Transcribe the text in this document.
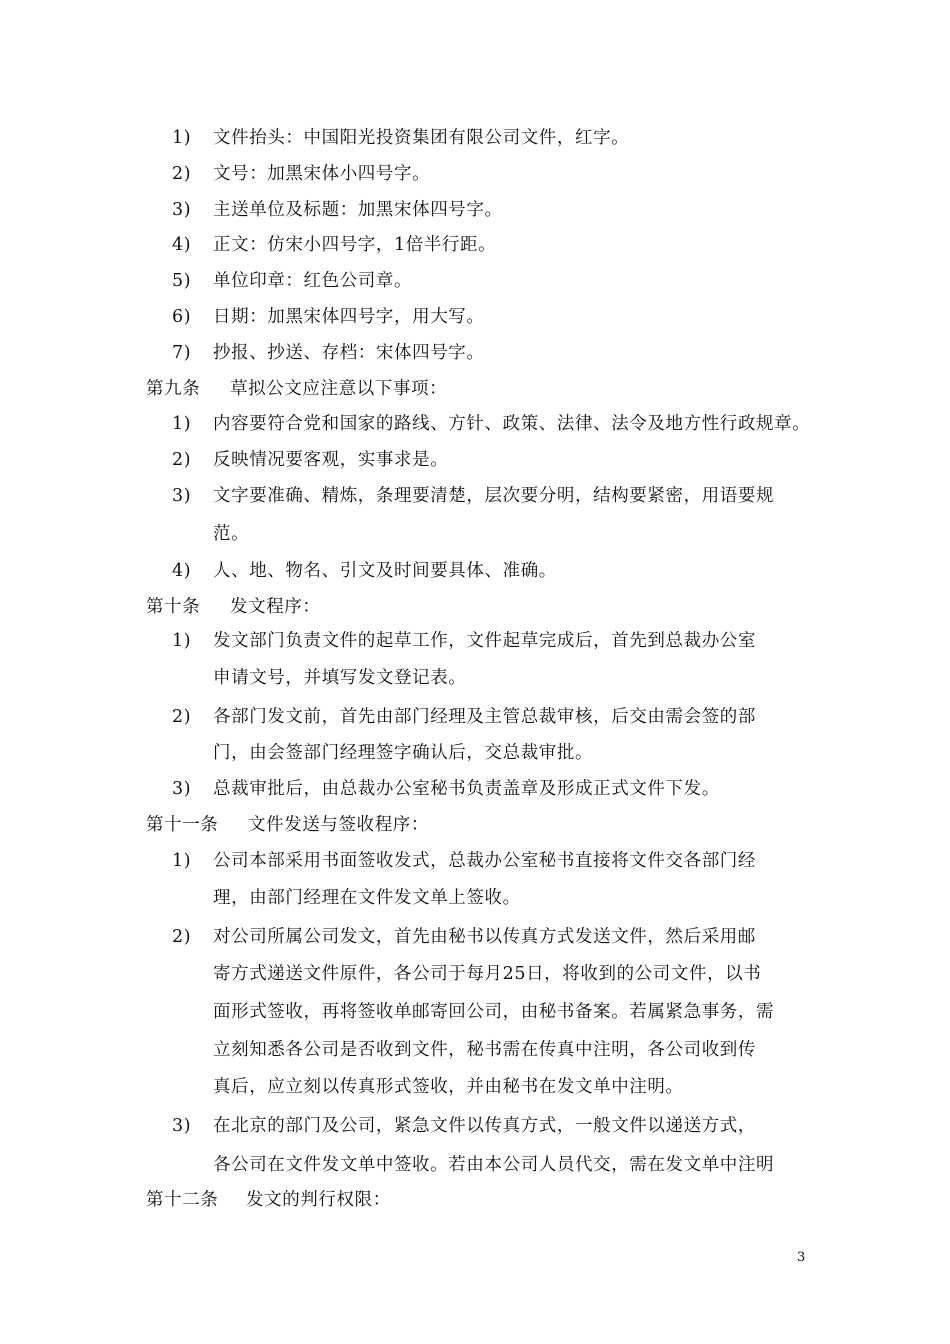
1) 文件抬头：中国阳光投资集团有限公司文件，红字。
2) 文号：加黑宋体小四号字。
3) 主送单位及标题：加黑宋体四号字。
4) 正文：仿宋小四号字，1倍半行距。
5) 单位印章：红色公司章。
6) 日期：加黑宋体四号字，用大写。
7) 抄报、抄送、存档：宋体四号字。
第九条 草拟公文应注意以下事项：
1) 内容要符合党和国家的路线、方针、政策、法律、法令及地方性行政规章。
2) 反映情况要客观，实事求是。
3) 文字要准确、精炼，条理要清楚，层次要分明，结构要紧密，用语要规
范。
4) 人、地、物名、引文及时间要具体、准确。
第十条 发文程序：
1) 发文部门负责文件的起草工作，文件起草完成后，首先到总裁办公室
申请文号，并填写发文登记表。
2) 各部门发文前，首先由部门经理及主管总裁审核，后交由需会签的部
门，由会签部门经理签字确认后，交总裁审批。
3) 总裁审批后，由总裁办公室秘书负责盖章及形成正式文件下发。
第十一条 文件发送与签收程序：
1) 公司本部采用书面签收发式，总裁办公室秘书直接将文件交各部门经
理，由部门经理在文件发文单上签收。
2) 对公司所属公司发文，首先由秘书以传真方式发送文件，然后采用邮
寄方式递送文件原件，各公司于每月25日，将收到的公司文件，以书
面形式签收，再将签收单邮寄回公司，由秘书备案。若属紧急事务，需
立刻知悉各公司是否收到文件，秘书需在传真中注明，各公司收到传
真后，应立刻以传真形式签收，并由秘书在发文单中注明。
3) 在北京的部门及公司，紧急文件以传真方式，一般文件以递送方式，
各公司在文件发文单中签收。若由本公司人员代交，需在发文单中注明
第十二条 发文的判行权限：
3
